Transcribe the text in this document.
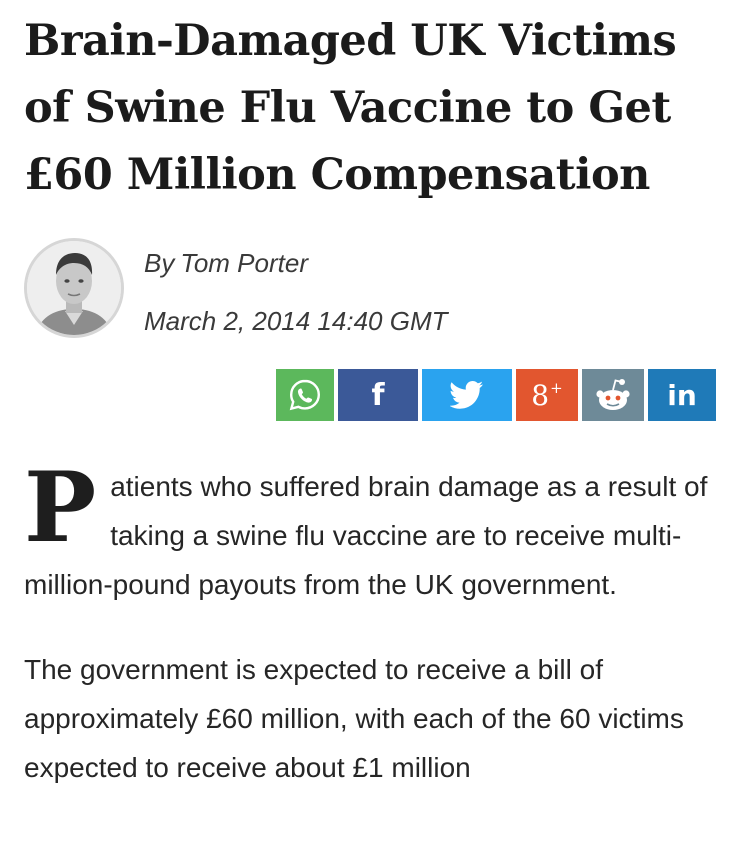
Brain-Damaged UK Victims of Swine Flu Vaccine to Get £60 Million Compensation
By Tom Porter
March 2, 2014 14:40 GMT
f	8+	in

Patients who suffered brain damage as a result of taking a swine flu vaccine are to receive multi-million-pound payouts from the UK government.

The government is expected to receive a bill of approximately £60 million, with each of the 60 victims expected to receive about £1 million
